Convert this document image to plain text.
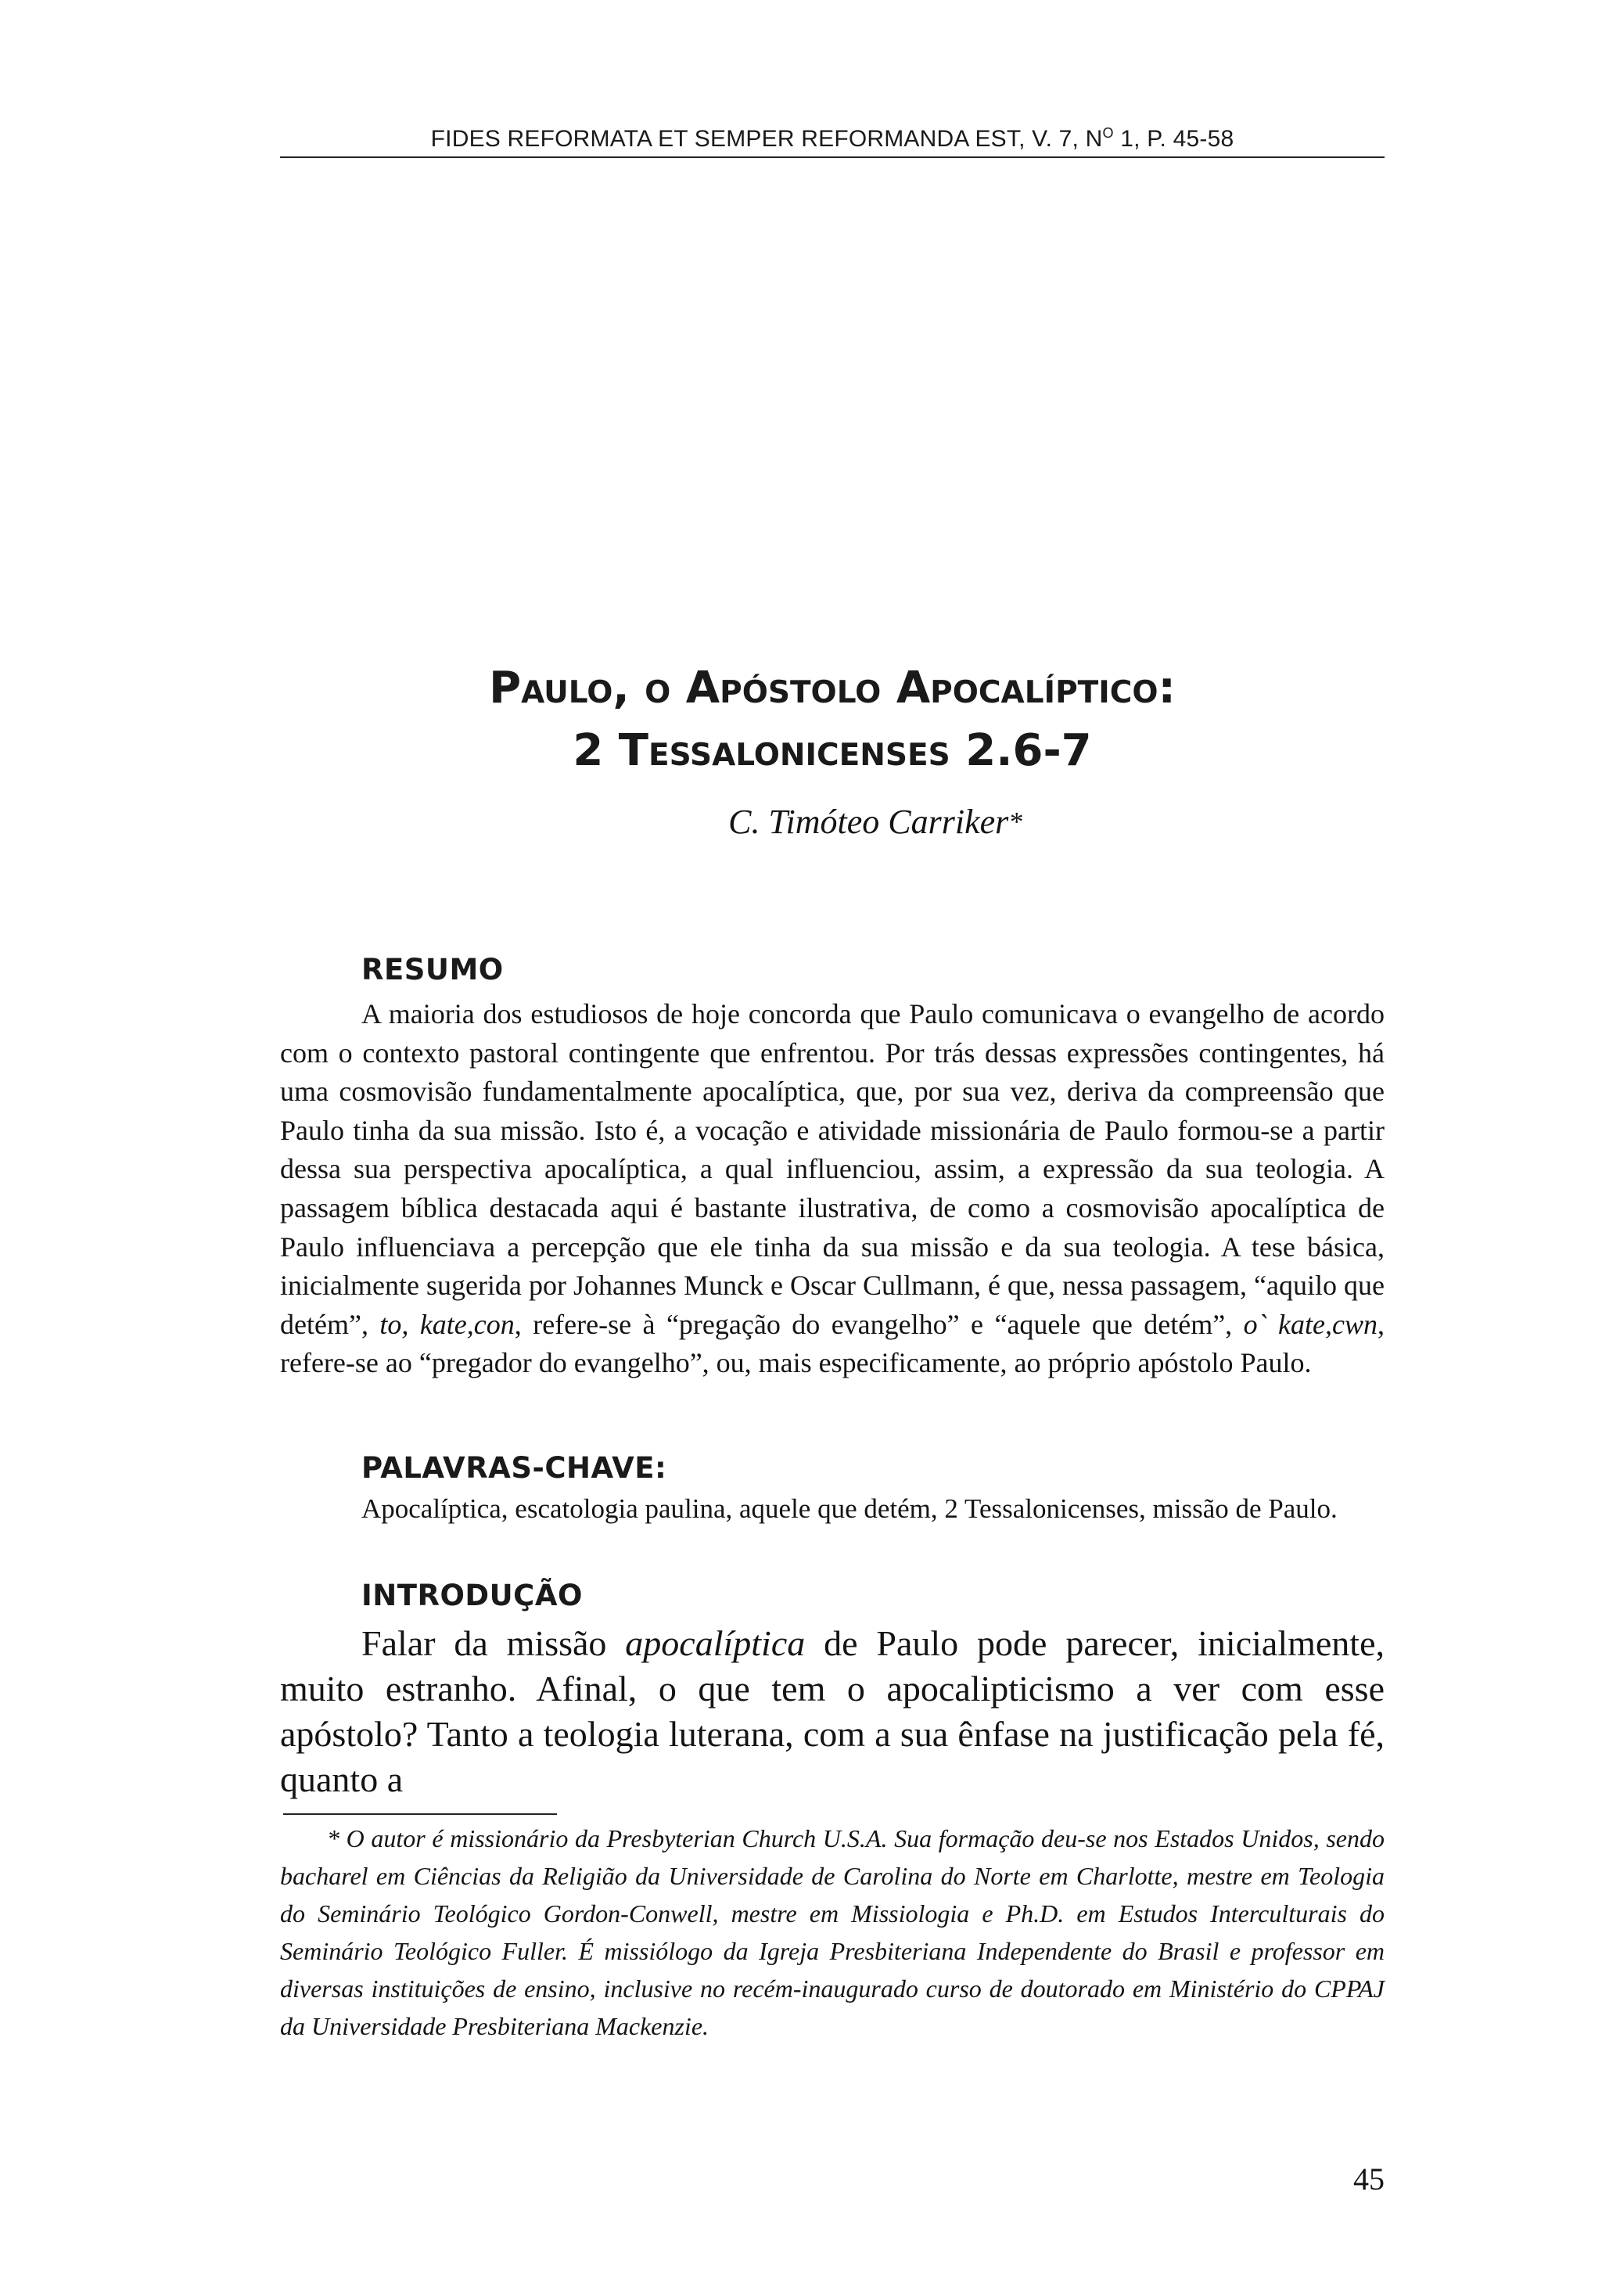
FIDES REFORMATA ET SEMPER REFORMANDA EST, V. 7, $N^O$ 1, P. 45-58
Paulo, o Apóstolo Apocalíptico:
2 Tessalonicenses 2.6-7
C. Timóteo Carriker*
RESUMO
A maioria dos estudiosos de hoje concorda que Paulo comunicava o evangelho de acordo com o contexto pastoral contingente que enfrentou. Por trás dessas expressões contingentes, há uma cosmovisão fundamentalmente apocalíptica, que, por sua vez, deriva da compreensão que Paulo tinha da sua missão. Isto é, a vocação e atividade missionária de Paulo formou-se a partir dessa sua perspectiva apocalíptica, a qual influenciou, assim, a expressão da sua teologia. A passagem bíblica destacada aqui é bastante ilustrativa, de como a cosmovisão apocalíptica de Paulo influenciava a percepção que ele tinha da sua missão e da sua teologia. A tese básica, inicialmente sugerida por Johannes Munck e Oscar Cullmann, é que, nessa passagem, “aquilo que detém”, to, kate,con, refere-se à “pregação do evangelho” e “aquele que detém”, o` kate,cwn, refere-se ao “pregador do evangelho”, ou, mais especificamente, ao próprio apóstolo Paulo.
PALAVRAS-CHAVE:
Apocalíptica, escatologia paulina, aquele que detém, 2 Tessalonicenses, missão de Paulo.
INTRODUÇÃO
Falar da missão apocalíptica de Paulo pode parecer, inicialmente, muito estranho. Afinal, o que tem o apocalipticismo a ver com esse apóstolo? Tanto a teologia luterana, com a sua ênfase na justificação pela fé, quanto a
* O autor é missionário da Presbyterian Church U.S.A. Sua formação deu-se nos Estados Unidos, sendo bacharel em Ciências da Religião da Universidade de Carolina do Norte em Charlotte, mestre em Teologia do Seminário Teológico Gordon-Conwell, mestre em Missiologia e Ph.D. em Estudos Interculturais do Seminário Teológico Fuller. É missiólogo da Igreja Presbiteriana Independente do Brasil e professor em diversas instituições de ensino, inclusive no recém-inaugurado curso de doutorado em Ministério do CPPAJ da Universidade Presbiteriana Mackenzie.
45
